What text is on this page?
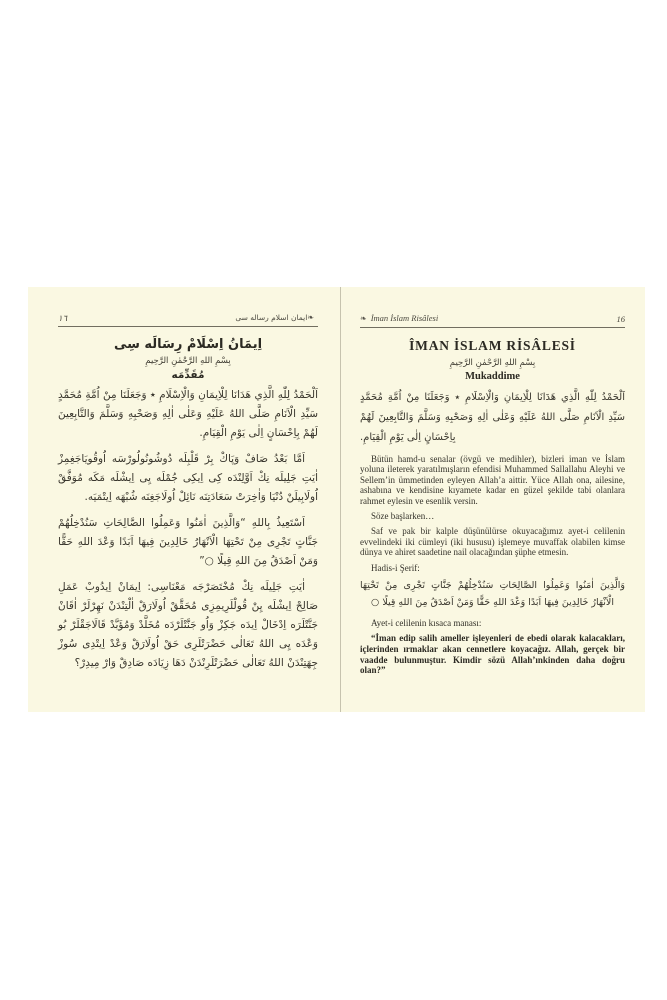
١٦	❧ايمان اسلام رساله سى
اِيمَانُ اِسْلَامْ رِسَالَه سِى
بِسْمِ اللهِ الرَّحْمٰنِ الرَّحِيمِ
مُقَدِّمَه
اَلْحَمْدُ لِلّٰهِ الَّذِي هَدَانَا لِلْاِيمَانِ وَالْاِسْلَامِ ٭ وَجَعَلَنَا مِنْ اُمَّةِ مُحَمَّدٍ سَيِّدِ الْاَنَامِ صَلَّى اللهُ عَلَيْهِ وَعَلٰى اٰلِهِ وَصَحْبِهِ وَسَلَّمَ وَالتَّابِعِينَ لَهُمْ بِاِحْسَانٍ اِلٰى يَوْمِ الْقِيَامِ.
اَمَّا بَعْدُ صَافْ وَپَاكْ بِرْ قَلْبِلَه دُوشُونُولُورْسَه اُوقُويَاجَغِمِزْ اٰيَتِ جَلِيلَه نِكْ اَوَّلِنْدَه كِى اِيكِى جُمْلَه يِى اِيشْلَه مَكَه مُوَفَّقْ اُولَابِيلَنْ دُنْيَا وَاٰخِرَتْ سَعَادَتِنَه نَائِلْ اُولَاجَغِنَه شُبْهَه اِيتْمَيَه.
اَسْتَعِيذُ بِاللهِ “وَالَّذِينَ اٰمَنُوا وَعَمِلُوا الصَّالِحَاتِ سَنُدْخِلُهُمْ جَنَّاتٍ تَجْرِى مِنْ تَحْتِهَا الْاَنْهَارُ خَالِدِينَ فِيهَا اَبَدًا وَعْدَ اللهِ حَقًّا وَمَنْ اَصْدَقُ مِنَ اللهِ قِيلًا ○”
اٰيَتِ جَلِيلَه نِكْ مُخْتَصَرْجَه مَعْنَاسِى: اِيمَانْ اِيدُوبْ عَمَلِ صَالِحْ اِيشْلَه يِنْ قُولْلَرِيمِزِى مُحَقَّقْ اُولَارَقْ اٰلْتِنْدَنْ نَهِرْلَرْ اٰقَانْ جَنَّتْلَرَه اِدْخَالْ اِيدَه جَكِزْ وَاُو جَنَّتْلَرْدَه مُخَلَّدْ وَمُؤَبَّدْ قَالَاجَقْلَرْ بُو وَعْدَه يِى اللهُ تَعَالٰى حَضْرَتْلَرِى حَقْ اُولَارَقْ وَعْدْ اِيتْدِى سُوزْ جِهَتِنْدَنْ اللهُ تَعَالٰى حَضْرَتْلَرِنْدَنْ دَهَا زِيَادَه صَادِقْ وَارْ مِيدِرْ؟
❧ İman İslam Risâlesi	16
ÎMAN İSLAM RİSÂLESİ
بِسْمِ اللهِ الرَّحْمٰنِ الرَّحِيمِ
Mukaddime
اَلْحَمْدُ لِلّٰهِ الَّذِي هَدَانَا لِلْاِيمَانِ وَالْاِسْلَامِ ٭ وَجَعَلَنَا مِنْ اُمَّةِ مُحَمَّدٍ سَيِّدِ الْاَنَامِ صَلَّى اللهُ عَلَيْهِ وَعَلٰى اٰلِهِ وَصَحْبِهِ وَسَلَّمَ وَالتَّابِعِينَ لَهُمْ بِاِحْسَانٍ اِلٰى يَوْمِ الْقِيَامِ.
Bütün hamd-u senalar (övgü ve medihler), bizleri iman ve İslam yoluna ileterek yaratılmışların efendisi Muhammed Sallallahu Aleyhi ve Sellem’in ümmetinden eyleyen Allah’a aittir. Yüce Allah ona, ailesine, ashabına ve kendisine kıyamete kadar en güzel şekilde tabi olanlara rahmet eylesin ve esenlik versin.
Söze başlarken…
Saf ve pak bir kalple düşünülürse okuyacağımız ayet-i celilenin evvelindeki iki cümleyi (iki hususu) işlemeye muvaffak olabilen kimse dünya ve ahiret saadetine nail olacağından şüphe etmesin.
Hadis-i Şerif:
وَالَّذِينَ اٰمَنُوا وَعَمِلُوا الصَّالِحَاتِ سَنُدْخِلُهُمْ جَنَّاتٍ تَجْرِى مِنْ تَحْتِهَا الْاَنْهَارُ خَالِدِينَ فِيهَا اَبَدًا وَعْدَ اللهِ حَقًّا وَمَنْ اَصْدَقُ مِنَ اللهِ قِيلًا ○
Ayet-i celilenin kısaca manası:
“İman edip salih ameller işleyenleri de ebedi olarak kalacakları, içlerinden ırmaklar akan cennetlere koyacağız. Allah, gerçek bir vaadde bulunmuştur. Kimdir sözü Allah’ınkinden daha doğru olan?”
